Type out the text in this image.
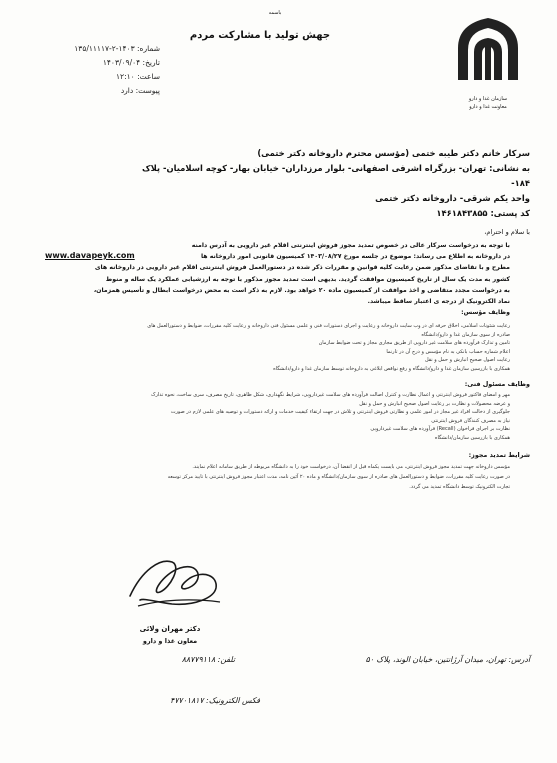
باسمه
جهش تولید با مشارکت مردم
شماره: ۱۴۰۳-۲-۱۳۵/۱۱۱۱۷
تاریخ: ۱۴۰۳/۰۹/۰۴
ساعت: ۱۲:۱۰
پیوست: دارد
سازمان غذا و دارو
معاونت غذا و دارو
سرکار خانم دکتر طیبه ختمی (مؤسس محترم داروخانه دکتر ختمی)
به نشانی: تهران- بزرگراه اشرفی اصفهانی- بلوار مرزداران- خیابان بهار- کوچه اسلامیان- پلاک ۱۸۴-
واحد یکم شرقی- داروخانه دکتر ختمی
کد پستی: ۱۴۶۱۸۴۳۸۵۵
با سلام و احترام،
با توجه به درخواست سرکار عالی در خصوص تمدید مجوز فروش اینترنتی اقلام غیر دارویی به آدرس دامنه
در داروخانه به اطلاع می رساند: موضوع در جلسه مورخ ۱۴۰۳/۰۸/۲۷ کمیسیون قانونی امور داروخانه ها
مطرح و با تقاضای مذکور ضمن رعایت کلیه قوانین و مقررات ذکر شده در دستورالعمل فروش اینترنتی اقلام غیر دارویی در داروخانه های
کشور به مدت یک سال از تاریخ کمیسیون موافقت گردید. بدیهی است تمدید مجوز مذکور با توجه به ارزشیابی عملکرد یک ساله و منوط
به درخواست مجدد متقاضی و اخذ موافقت از کمیسیون ماده ۲۰ خواهد بود. لازم به ذکر است به محض درخواست ابطال و تأسیس همزمان،
نماد الکترونیک از درجه ی اعتبار ساقط میباشد.
وظایف مؤسس:
www.davapeyk.com
رعایت شئونات اسلامی، اخلاق حرفه ای در وب سایت داروخانه و رعایت و اجرای دستورات فنی و علمی مسئول فنی داروخانه و رعایت کلیه مقررات، ضوابط و دستورالعمل های
صادره از سوی سازمان غذا و دارو/دانشگاه
تامین و تدارک فرآورده های سلامت غیر دارویی از طریق مجاری مجاز و تحت ضوابط سازمان
اعلام شماره حساب بانکی به نام مؤسس و درج آن در تارنما
رعایت اصول صحیح انبارش و حمل و نقل
همکاری با بازرسین سازمان غذا و دارو/دانشگاه و رفع نواقص ابلاغی به داروخانه توسط سازمان غذا و دارو/دانشگاه
وظایف مسئول فنی:
مهر و امضای فاکتور فروش اینترنتی و اعمال نظارت و کنترل اصالت فرآورده های سلامت غیردارویی، شرایط نگهداری، شکل ظاهری، تاریخ مصرف، سری ساخت، نحوه تدارک
و عرضه محصولات و نظارت بر رعایت اصول صحیح انبارش و حمل و نقل
جلوگیری از دخالت افراد غیر مجاز در امور علمی و نظارتی فروش اینترنتی و تلاش در جهت ارتقاء کیفیت خدمات و ارائه دستورات و توصیه های علمی لازم در صورت
نیاز به مصرف کنندگان فروش اینترنتی
نظارت بر اجرای فراخوان (Recall) فرآورده های سلامت غیردارویی
همکاری با بازرسین سازمان/دانشگاه
شرایط تمدید مجوز:
مؤسس داروخانه جهت تمدید مجوز فروش اینترنتی، می بایست یکماه قبل از انقضا آن، درخواست خود را به دانشگاه مربوطه از طریق سامانه اعلام نمایند.
در صورت رعایت کلیه مقررات، ضوابط و دستورالعمل های صادره از سوی سازمان/دانشگاه و ماده ۲۰ آئین نامه، مدت اعتبار مجوز فروش اینترنتی با تایید مرکز توسعه
تجارت الکترونیک توسط دانشگاه تمدید می گردد.
دکتر مهران ولائی
معاون غذا و دارو
آدرس: تهران، میدان آرژانتین، خیابان الوند، پلاک ۵۰
تلفن: ۸۸۷۷۹۱۱۸
فکس الکترونیک: ۴۷۷۰۱۸۱۷
